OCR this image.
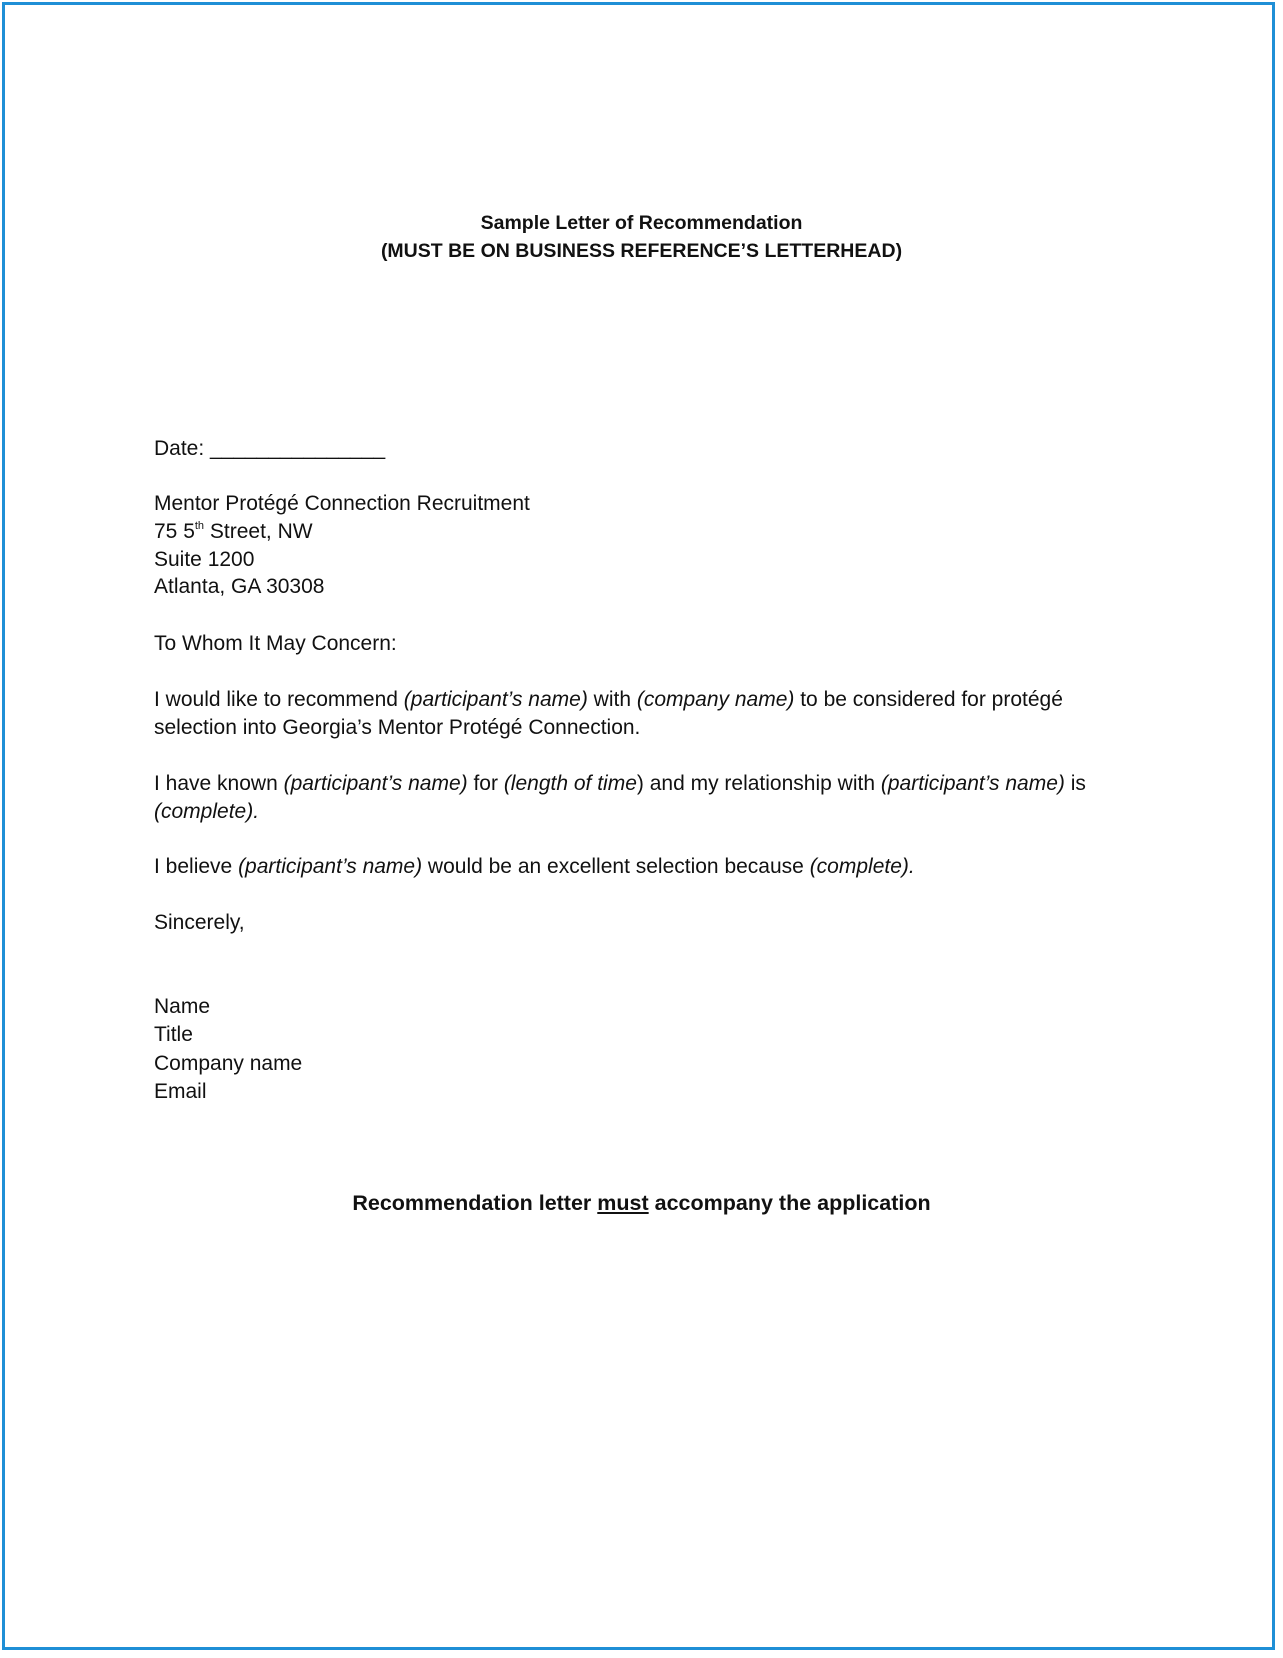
Sample Letter of Recommendation
(MUST BE ON BUSINESS REFERENCE’S LETTERHEAD)
Date: _______________
Mentor Protégé Connection Recruitment
75 5th Street, NW
Suite 1200
Atlanta, GA 30308
To Whom It May Concern:
I would like to recommend (participant’s name) with (company name) to be considered for protégé
selection into Georgia’s Mentor Protégé Connection.
I have known (participant’s name) for (length of time) and my relationship with (participant’s name) is
(complete).
I believe (participant’s name) would be an excellent selection because (complete).
Sincerely,
Name
Title
Company name
Email
Recommendation letter must accompany the application
